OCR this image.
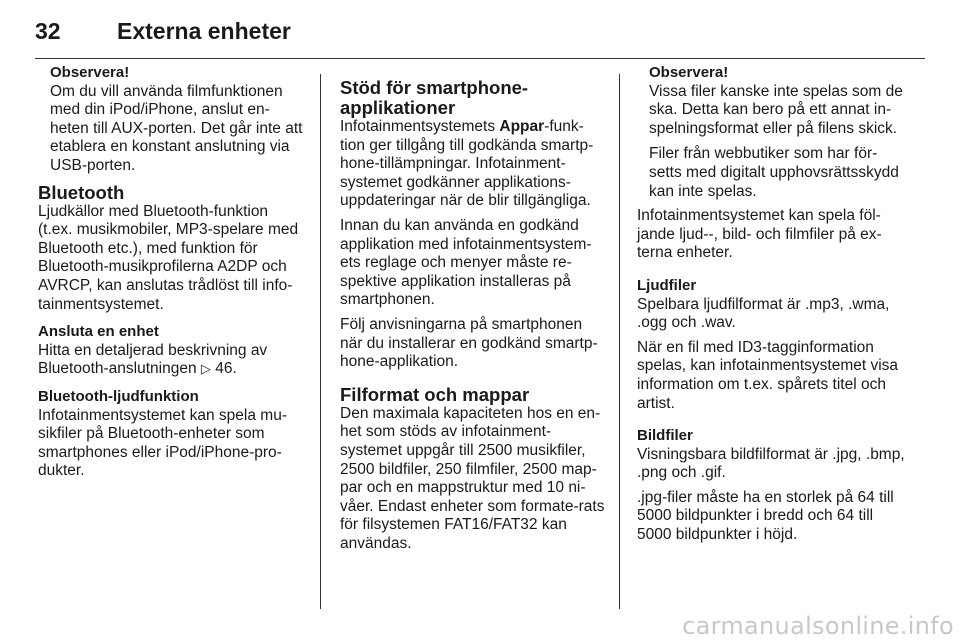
32 Externa enheter
Observera!

Om du vill använda filmfunktionen med din iPod/iPhone, anslut en-heten till AUX-porten. Det går inte att etablera en konstant anslutning via USB-porten.

Bluetooth

Ljudkällor med Bluetooth-funktion (t.ex. musikmobiler, MP3-spelare med Bluetooth etc.), med funktion för Bluetooth-musikprofilerna A2DP och AVRCP, kan anslutas trådlöst till info-tainmentsystemet.

Ansluta en enhet

Hitta en detaljerad beskrivning av Bluetooth-anslutningen ▷ 46.

Bluetooth-ljudfunktion

Infotainmentsystemet kan spela mu-sikfiler på Bluetooth-enheter som smartphones eller iPod/iPhone-pro-dukter.

Stöd för smartphone-applikationer

Infotainmentsystemets Appar-funk-tion ger tillgång till godkända smartp-hone-tillämpningar. Infotainment-systemet godkänner applikations-uppdateringar när de blir tillgängliga.

Innan du kan använda en godkänd applikation med infotainmentsystem-ets reglage och menyer måste re-spektive applikation installeras på smartphonen.

Följ anvisningarna på smartphonen när du installerar en godkänd smartp-hone-applikation.

Filformat och mappar

Den maximala kapaciteten hos en en-het som stöds av infotainment-systemet uppgår till 2500 musikfiler, 2500 bildfiler, 250 filmfiler, 2500 map-par och en mappstruktur med 10 ni-våer. Endast enheter som formate-rats för filsystemen FAT16/FAT32 kan användas.

Observera!

Vissa filer kanske inte spelas som de ska. Detta kan bero på ett annat in-spelningsformat eller på filens skick.

Filer från webbutiker som har för-setts med digitalt upphovsrättsskydd kan inte spelas.

Infotainmentsystemet kan spela föl-jande ljud--, bild- och filmfiler på ex-terna enheter.

Ljudfiler

Spelbara ljudfilformat är .mp3, .wma, .ogg och .wav.

När en fil med ID3-tagginformation spelas, kan infotainmentsystemet visa information om t.ex. spårets titel och artist.

Bildfiler

Visningsbara bildfilformat är .jpg, .bmp, .png och .gif.

.jpg-filer måste ha en storlek på 64 till 5000 bildpunkter i bredd och 64 till 5000 bildpunkter i höjd.

carmanualsonline.info
